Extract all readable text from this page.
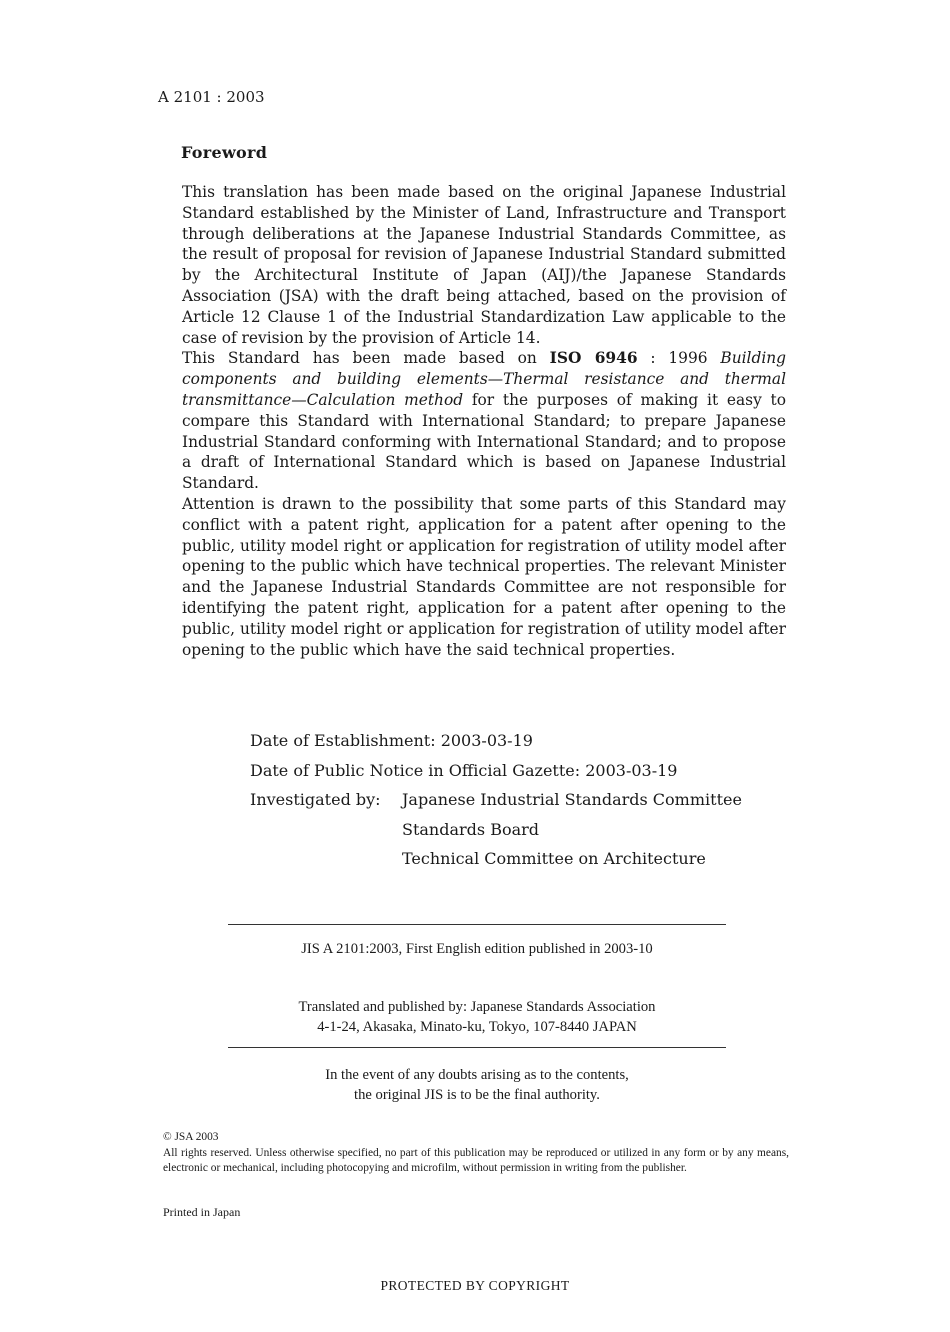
A 2101 : 2003
Foreword

This translation has been made based on the original Japanese Industrial Standard established by the Minister of Land, Infrastructure and Transport through deliberations at the Japanese Industrial Standards Committee, as the result of proposal for revision of Japanese Industrial Standard submitted by the Architectural Institute of Japan (AIJ)/the Japanese Standards Association (JSA) with the draft being attached, based on the provision of Article 12 Clause 1 of the Industrial Standardization Law applicable to the case of revision by the provision of Article 14.

This Standard has been made based on ISO 6946 : 1996 Building components and building elements—Thermal resistance and thermal transmittance—Calculation method for the purposes of making it easy to compare this Standard with International Standard; to prepare Japanese Industrial Standard conforming with International Standard; and to propose a draft of International Standard which is based on Japanese Industrial Standard.

Attention is drawn to the possibility that some parts of this Standard may conflict with a patent right, application for a patent after opening to the public, utility model right or application for registration of utility model after opening to the public which have technical properties. The relevant Minister and the Japanese Industrial Standards Committee are not responsible for identifying the patent right, application for a patent after opening to the public, utility model right or application for registration of utility model after opening to the public which have the said technical properties.

Date of Establishment: 2003-03-19
Date of Public Notice in Official Gazette: 2003-03-19
Investigated by: Japanese Industrial Standards Committee
Standards Board
Technical Committee on Architecture
JIS A 2101:2003, First English edition published in 2003-10
Translated and published by: Japanese Standards Association
4-1-24, Akasaka, Minato-ku, Tokyo, 107-8440 JAPAN
In the event of any doubts arising as to the contents,
the original JIS is to be the final authority.

© JSA 2003

All rights reserved. Unless otherwise specified, no part of this publication may be reproduced or utilized in any form or by any means, electronic or mechanical, including photocopying and microfilm, without permission in writing from the publisher.

Printed in Japan
PROTECTED BY COPYRIGHT
